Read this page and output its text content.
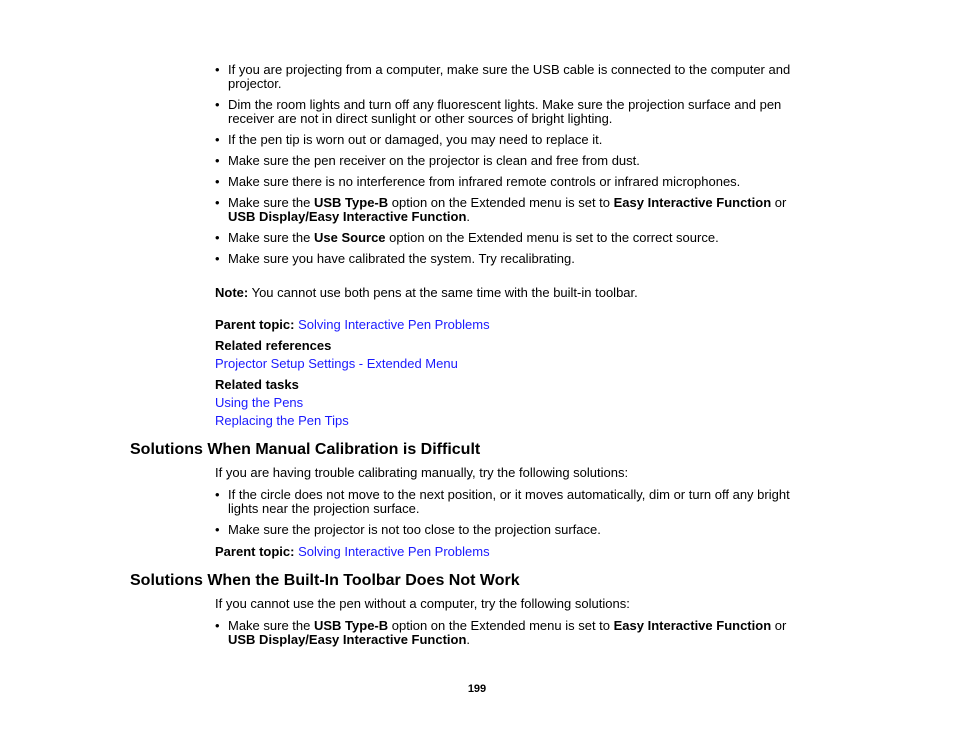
• If you are projecting from a computer, make sure the USB cable is connected to the computer and projector.
• Dim the room lights and turn off any fluorescent lights. Make sure the projection surface and pen receiver are not in direct sunlight or other sources of bright lighting.
• If the pen tip is worn out or damaged, you may need to replace it.
• Make sure the pen receiver on the projector is clean and free from dust.
• Make sure there is no interference from infrared remote controls or infrared microphones.
• Make sure the USB Type-B option on the Extended menu is set to Easy Interactive Function or USB Display/Easy Interactive Function.
• Make sure the Use Source option on the Extended menu is set to the correct source.
• Make sure you have calibrated the system. Try recalibrating.
Note: You cannot use both pens at the same time with the built-in toolbar.
Parent topic: Solving Interactive Pen Problems
Related references
Projector Setup Settings - Extended Menu
Related tasks
Using the Pens
Replacing the Pen Tips
Solutions When Manual Calibration is Difficult
If you are having trouble calibrating manually, try the following solutions:
• If the circle does not move to the next position, or it moves automatically, dim or turn off any bright lights near the projection surface.
• Make sure the projector is not too close to the projection surface.
Parent topic: Solving Interactive Pen Problems
Solutions When the Built-In Toolbar Does Not Work
If you cannot use the pen without a computer, try the following solutions:
• Make sure the USB Type-B option on the Extended menu is set to Easy Interactive Function or USB Display/Easy Interactive Function.
199
